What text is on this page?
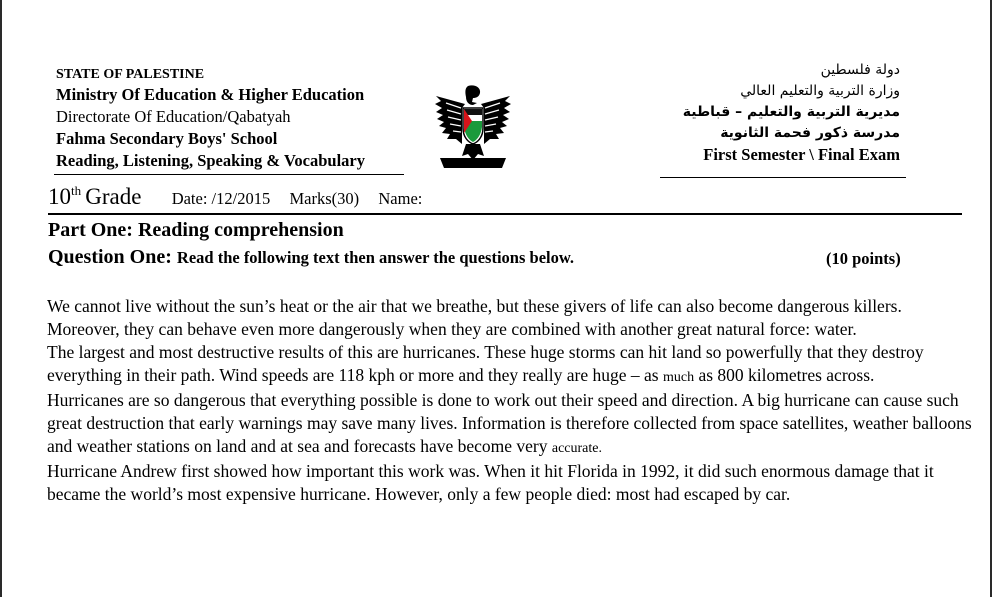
STATE OF PALESTINE
Ministry Of Education & Higher Education
Directorate Of Education/Qabatyah
Fahma Secondary Boys' School
Reading, Listening, Speaking & Vocabulary
دولة فلسطين
وزارة التربية والتعليم العالي
مديرية التربية والتعليم – قباطية
مدرسة ذكور فحمة الثانوية
First Semester \ Final Exam
10th Grade Date: /12/2015 Marks(30) Name:
Part One: Reading comprehension
Question One: Read the following text then answer the questions below.	(10 points)

We cannot live without the sun’s heat or the air that we breathe, but these givers of life can also become dangerous killers. Moreover, they can behave even more dangerously when they are combined with another great natural force: water.

The largest and most destructive results of this are hurricanes. These huge storms can hit land so powerfully that they destroy everything in their path. Wind speeds are 118 kph or more and they really are huge – as much as 800 kilometres across.

Hurricanes are so dangerous that everything possible is done to work out their speed and direction. A big hurricane can cause such great destruction that early warnings may save many lives. Information is therefore collected from space satellites, weather balloons and weather stations on land and at sea and forecasts have become very accurate.

Hurricane Andrew first showed how important this work was. When it hit Florida in 1992, it did such enormous damage that it became the world’s most expensive hurricane. However, only a few people died: most had escaped by car.
